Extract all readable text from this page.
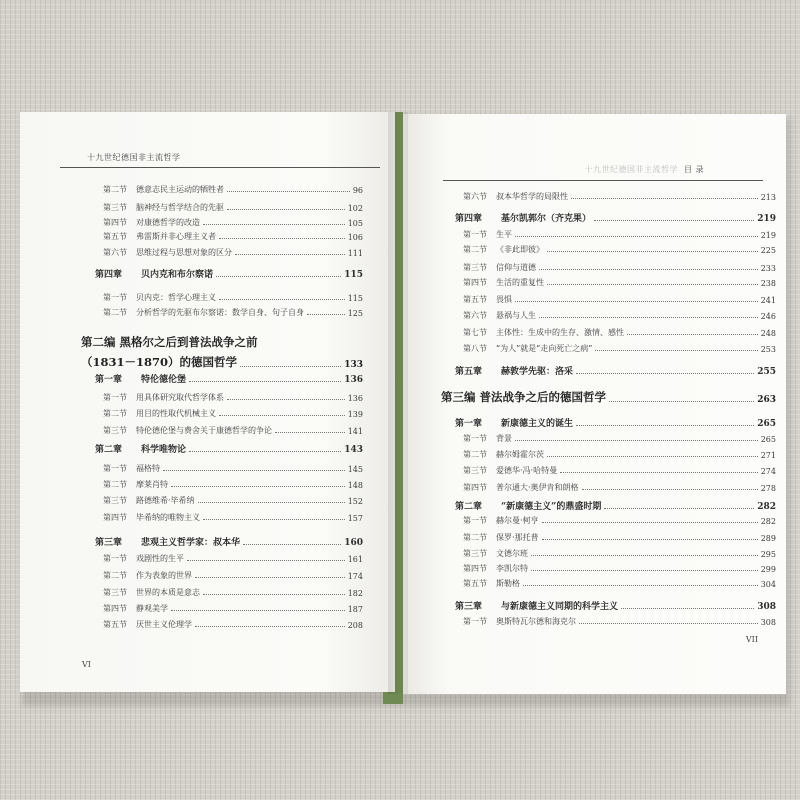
十九世纪德国非主流哲学
第二节	德意志民主运动的牺牲者	96
第三节	脑神经与哲学结合的先驱	102
第四节	对康德哲学的改造	105
第五节	弗雷斯并非心理主义者	106
第六节	思维过程与思想对象的区分	111
第四章	贝内克和布尔察诺	115
第一节	贝内克：哲学心理主义	115
第二节	分析哲学的先驱布尔察诺：数学自身、句子自身	125
第二编 黑格尔之后到普法战争之前
（1831－1870）的德国哲学	133
第一章	特伦德伦堡	136
第一节	用具体研究取代哲学体系	136
第二节	用目的性取代机械主义	139
第三节	特伦德伦堡与费舍关于康德哲学的争论	141
第二章	科学唯物论	143
第一节	福格特	145
第二节	摩莱肖特	148
第三节	路德维希·毕希纳	152
第四节	毕希纳的唯物主义	157
第三章	悲观主义哲学家：叔本华	160
第一节	戏剧性的生平	161
第二节	作为表象的世界	174
第三节	世界的本质是意志	182
第四节	静观美学	187
第五节	厌世主义伦理学	208
VI
十九世纪德国非主流哲学 目 录
第六节	叔本华哲学的局限性	213
第四章	基尔凯郭尔（齐克果）	219
第一节	生平	219
第二节	《非此即彼》	225
第三节	信仰与道德	233
第四节	生活的重复性	238
第五节	畏惧	241
第六节	悬祸与人生	246
第七节	主体性：生成中的生存、激情、感性	248
第八节	“为人”就是“走向死亡之病”	253
第五章	赫敦学先驱：洛采	255
第三编 普法战争之后的德国哲学	263
第一章	新康德主义的诞生	265
第一节	背景	265
第二节	赫尔姆霍尔茨	271
第三节	爱德华·冯·哈特曼	274
第四节	普尔通大·奥伊肯和朗格	278
第二章	“新康德主义”的鼎盛时期	282
第一节	赫尔曼·柯亨	282
第二节	保罗·那托普	289
第三节	文德尔班	295
第四节	李凯尔特	299
第五节	斯勒格	304
第三章	与新康德主义同期的科学主义	308
第一节	奥斯特瓦尔德和海克尔	308
VII
